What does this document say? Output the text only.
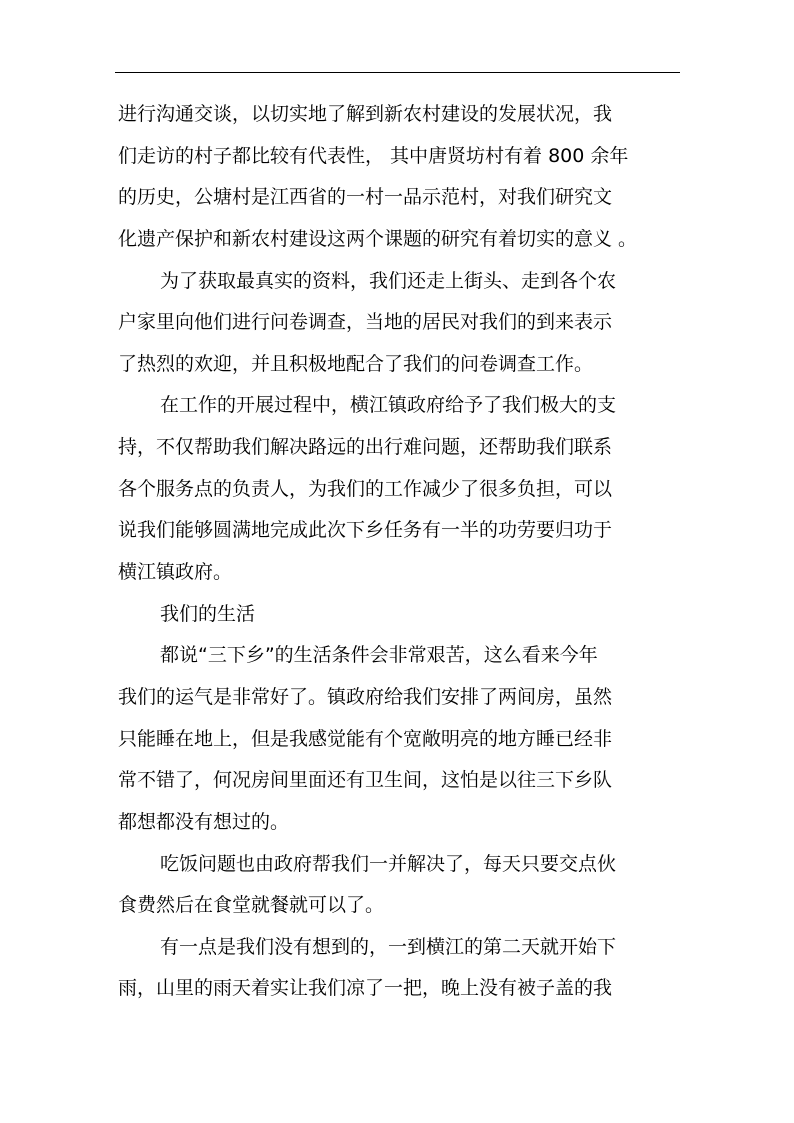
进行沟通交谈，以切实地了解到新农村建设的发展状况，我
们走访的村子都比较有代表性， 其中唐贤坊村有着 800 余年
的历史，公塘村是江西省的一村一品示范村，对我们研究文
化遗产保护和新农村建设这两个课题的研究有着切实的意义 。
为了获取最真实的资料，我们还走上街头、走到各个农
户家里向他们进行问卷调查，当地的居民对我们的到来表示
了热烈的欢迎，并且积极地配合了我们的问卷调查工作。
在工作的开展过程中，横江镇政府给予了我们极大的支
持，不仅帮助我们解决路远的出行难问题，还帮助我们联系
各个服务点的负责人，为我们的工作减少了很多负担，可以
说我们能够圆满地完成此次下乡任务有一半的功劳要归功于
横江镇政府。
我们的生活
都说“三下乡”的生活条件会非常艰苦，这么看来今年
我们的运气是非常好了。镇政府给我们安排了两间房，虽然
只能睡在地上，但是我感觉能有个宽敞明亮的地方睡已经非
常不错了，何况房间里面还有卫生间，这怕是以往三下乡队
都想都没有想过的。
吃饭问题也由政府帮我们一并解决了，每天只要交点伙
食费然后在食堂就餐就可以了。
有一点是我们没有想到的，一到横江的第二天就开始下
雨，山里的雨天着实让我们凉了一把，晚上没有被子盖的我
